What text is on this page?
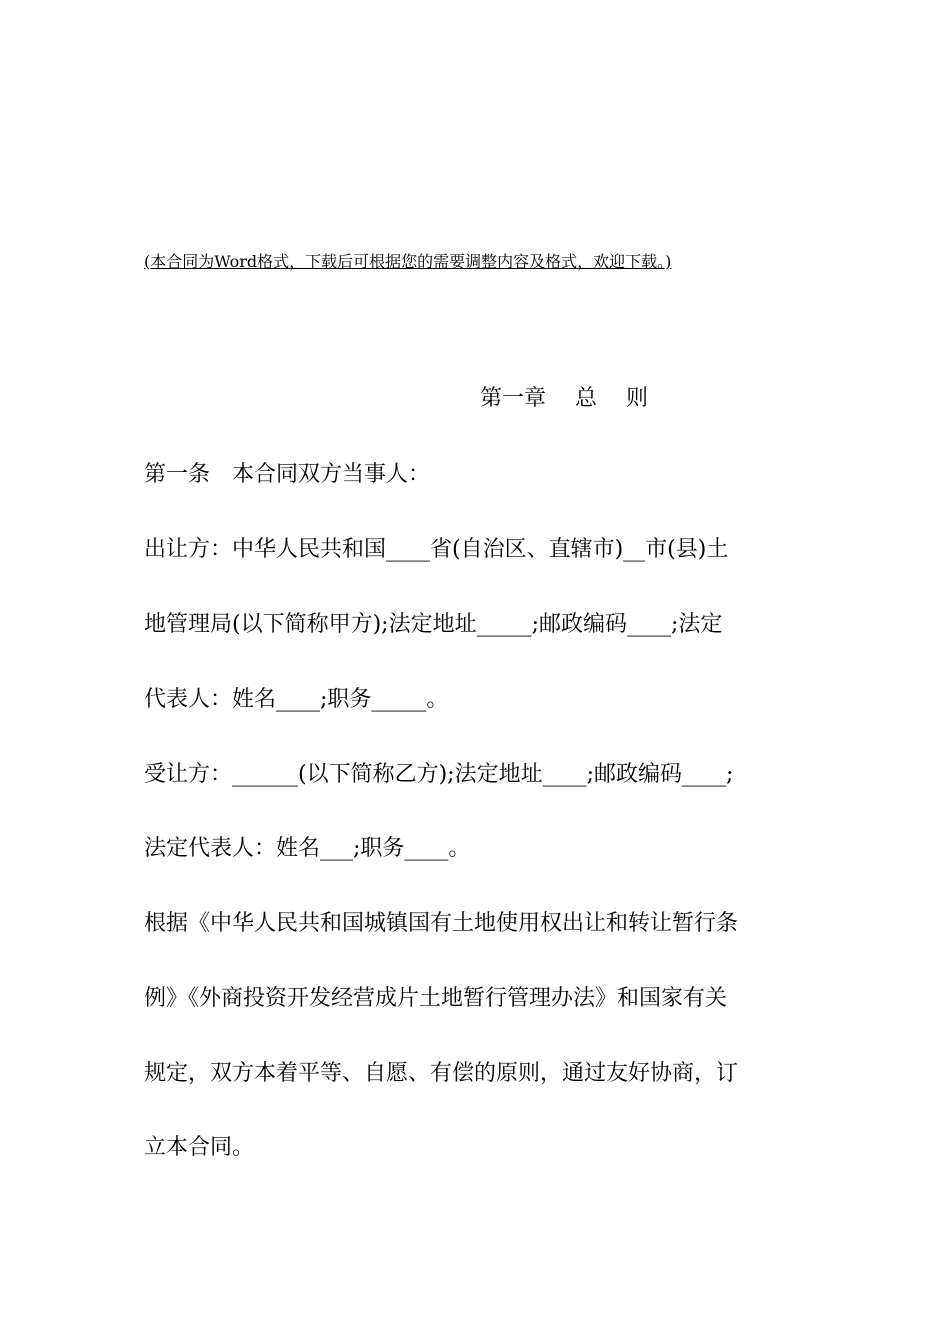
(本合同为Word格式，下载后可根据您的需要调整内容及格式，欢迎下载。)
第一章　 总　 则
第一条　本合同双方当事人：
出让方：中华人民共和国____省(自治区、直辖市)__市(县)土
地管理局(以下简称甲方);法定地址_____;邮政编码____;法定
代表人：姓名____;职务_____。
受让方：______(以下简称乙方);法定地址____;邮政编码____;
法定代表人：姓名___;职务____。
根据《中华人民共和国城镇国有土地使用权出让和转让暂行条
例》《外商投资开发经营成片土地暂行管理办法》和国家有关
规定，双方本着平等、自愿、有偿的原则，通过友好协商，订
立本合同。
